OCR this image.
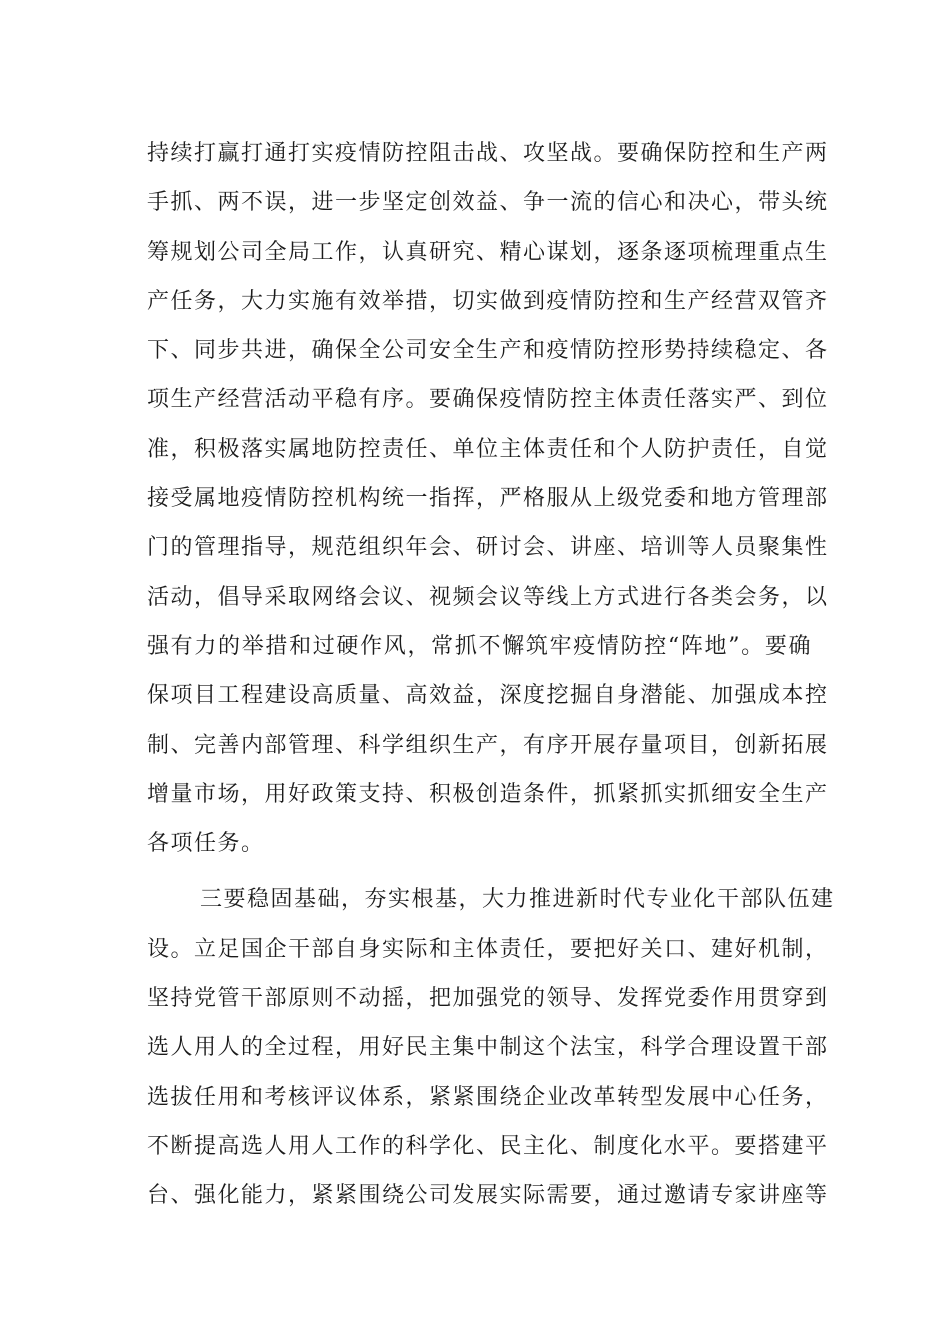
持续打赢打通打实疫情防控阻击战、攻坚战。要确保防控和生产两
手抓、两不误，进一步坚定创效益、争一流的信心和决心，带头统
筹规划公司全局工作，认真研究、精心谋划，逐条逐项梳理重点生
产任务，大力实施有效举措，切实做到疫情防控和生产经营双管齐
下、同步共进，确保全公司安全生产和疫情防控形势持续稳定、各
项生产经营活动平稳有序。要确保疫情防控主体责任落实严、到位
准，积极落实属地防控责任、单位主体责任和个人防护责任，自觉
接受属地疫情防控机构统一指挥，严格服从上级党委和地方管理部
门的管理指导，规范组织年会、研讨会、讲座、培训等人员聚集性
活动，倡导采取网络会议、视频会议等线上方式进行各类会务，以
强有力的举措和过硬作风，常抓不懈筑牢疫情防控“阵地”。要确
保项目工程建设高质量、高效益，深度挖掘自身潜能、加强成本控
制、完善内部管理、科学组织生产，有序开展存量项目，创新拓展
增量市场，用好政策支持、积极创造条件，抓紧抓实抓细安全生产
各项任务。
三要稳固基础，夯实根基，大力推进新时代专业化干部队伍建
设。立足国企干部自身实际和主体责任，要把好关口、建好机制，
坚持党管干部原则不动摇，把加强党的领导、发挥党委作用贯穿到
选人用人的全过程，用好民主集中制这个法宝，科学合理设置干部
选拔任用和考核评议体系，紧紧围绕企业改革转型发展中心任务，
不断提高选人用人工作的科学化、民主化、制度化水平。要搭建平
台、强化能力，紧紧围绕公司发展实际需要，通过邀请专家讲座等
